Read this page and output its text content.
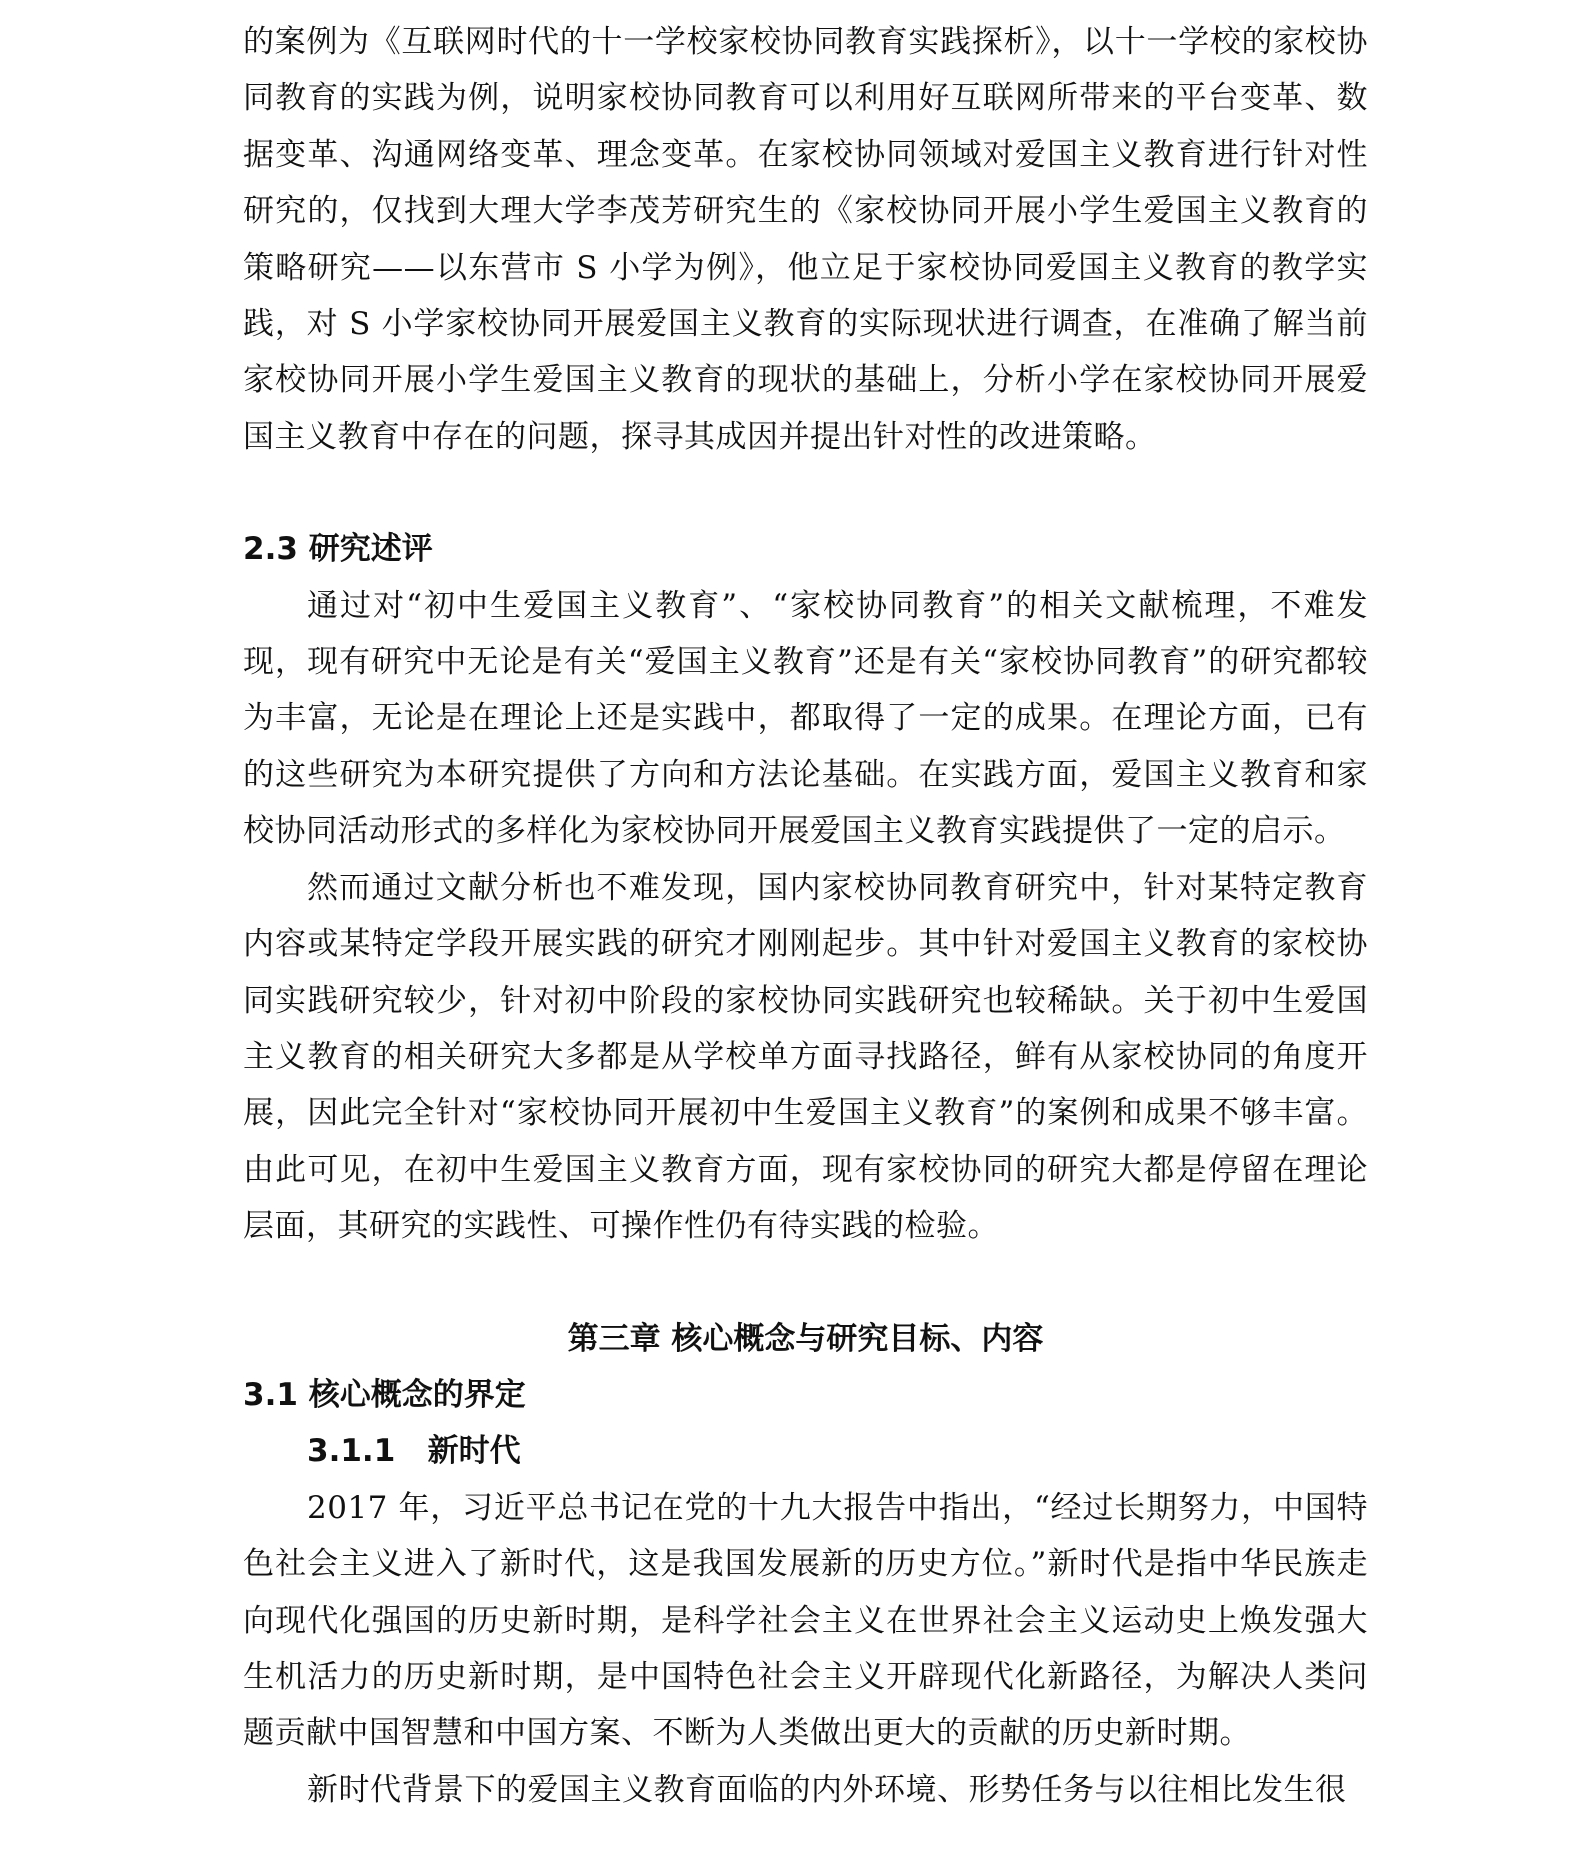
的案例为《互联网时代的十一学校家校协同教育实践探析》，以十一学校的家校协同教育的实践为例，说明家校协同教育可以利用好互联网所带来的平台变革、数据变革、沟通网络变革、理念变革。在家校协同领域对爱国主义教育进行针对性研究的，仅找到大理大学李茂芳研究生的《家校协同开展小学生爱国主义教育的策略研究——以东营市 S 小学为例》，他立足于家校协同爱国主义教育的教学实践，对 S 小学家校协同开展爱国主义教育的实际现状进行调查，在准确了解当前家校协同开展小学生爱国主义教育的现状的基础上，分析小学在家校协同开展爱国主义教育中存在的问题，探寻其成因并提出针对性的改进策略。

2.3 研究述评

通过对“初中生爱国主义教育”、“家校协同教育”的相关文献梳理，不难发现，现有研究中无论是有关“爱国主义教育”还是有关“家校协同教育”的研究都较为丰富，无论是在理论上还是实践中，都取得了一定的成果。在理论方面，已有的这些研究为本研究提供了方向和方法论基础。在实践方面，爱国主义教育和家校协同活动形式的多样化为家校协同开展爱国主义教育实践提供了一定的启示。

然而通过文献分析也不难发现，国内家校协同教育研究中，针对某特定教育内容或某特定学段开展实践的研究才刚刚起步。其中针对爱国主义教育的家校协同实践研究较少，针对初中阶段的家校协同实践研究也较稀缺。关于初中生爱国主义教育的相关研究大多都是从学校单方面寻找路径，鲜有从家校协同的角度开展，因此完全针对“家校协同开展初中生爱国主义教育”的案例和成果不够丰富。由此可见，在初中生爱国主义教育方面，现有家校协同的研究大都是停留在理论层面，其研究的实践性、可操作性仍有待实践的检验。

第三章 核心概念与研究目标、内容
3.1 核心概念的界定
3.1.1   新时代

2017 年，习近平总书记在党的十九大报告中指出，“经过长期努力，中国特色社会主义进入了新时代，这是我国发展新的历史方位。”新时代是指中华民族走向现代化强国的历史新时期，是科学社会主义在世界社会主义运动史上焕发强大生机活力的历史新时期，是中国特色社会主义开辟现代化新路径，为解决人类问题贡献中国智慧和中国方案、不断为人类做出更大的贡献的历史新时期。

新时代背景下的爱国主义教育面临的内外环境、形势任务与以往相比发生很
